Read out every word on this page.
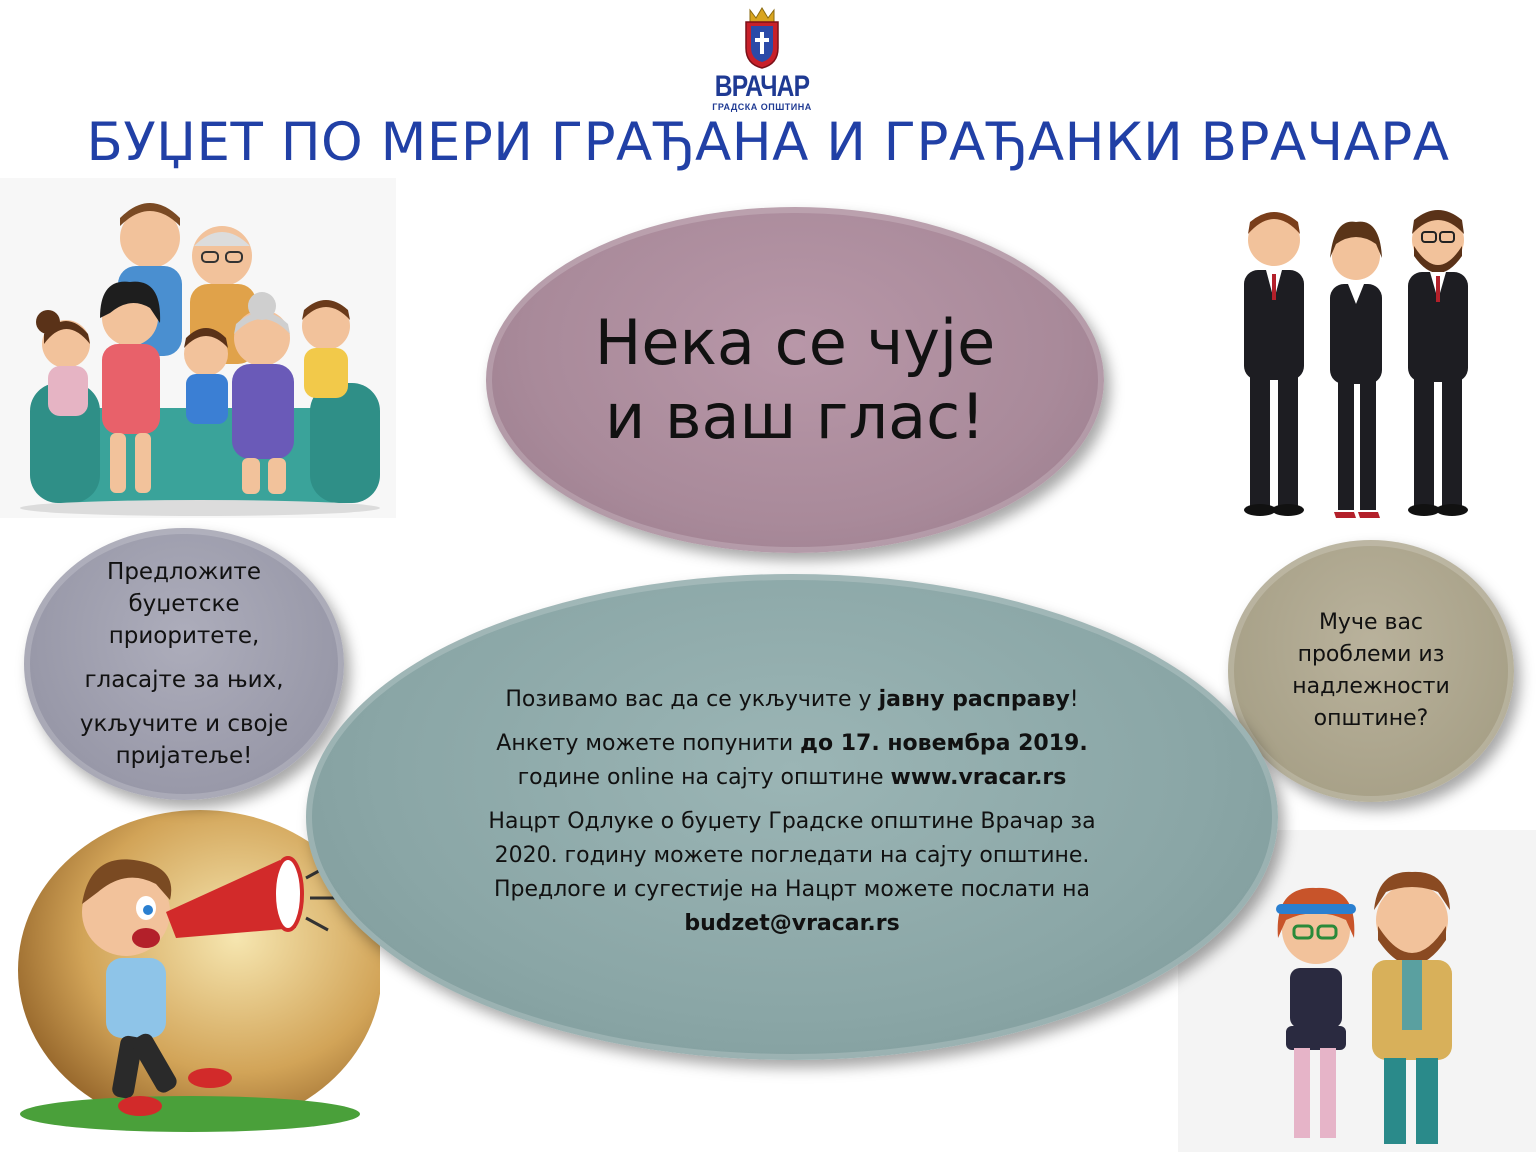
ВРАЧАР
ГРАДСКА ОПШТИНА
БУЏЕТ ПО МЕРИ ГРАЂАНА И ГРАЂАНКИ ВРАЧАРА
Нека се чује
и ваш глас!
Предложите
буџетске
приоритете,
гласајте за њих,
укључите и своје
пријатеље!
Муче вас
проблеми из
надлежности
општине?

Позивамо вас да се укључите у јавну расправу!

Анкету можете попунити до 17. новембра 2019.
године online на сајту општине www.vracar.rs

Нацрт Одлуке о буџету Градске општине Врачар за
2020. годину можете погледати на сајту општине.
Предлоге и сугестије на Нацрт можете послати на
budzet@vracar.rs
